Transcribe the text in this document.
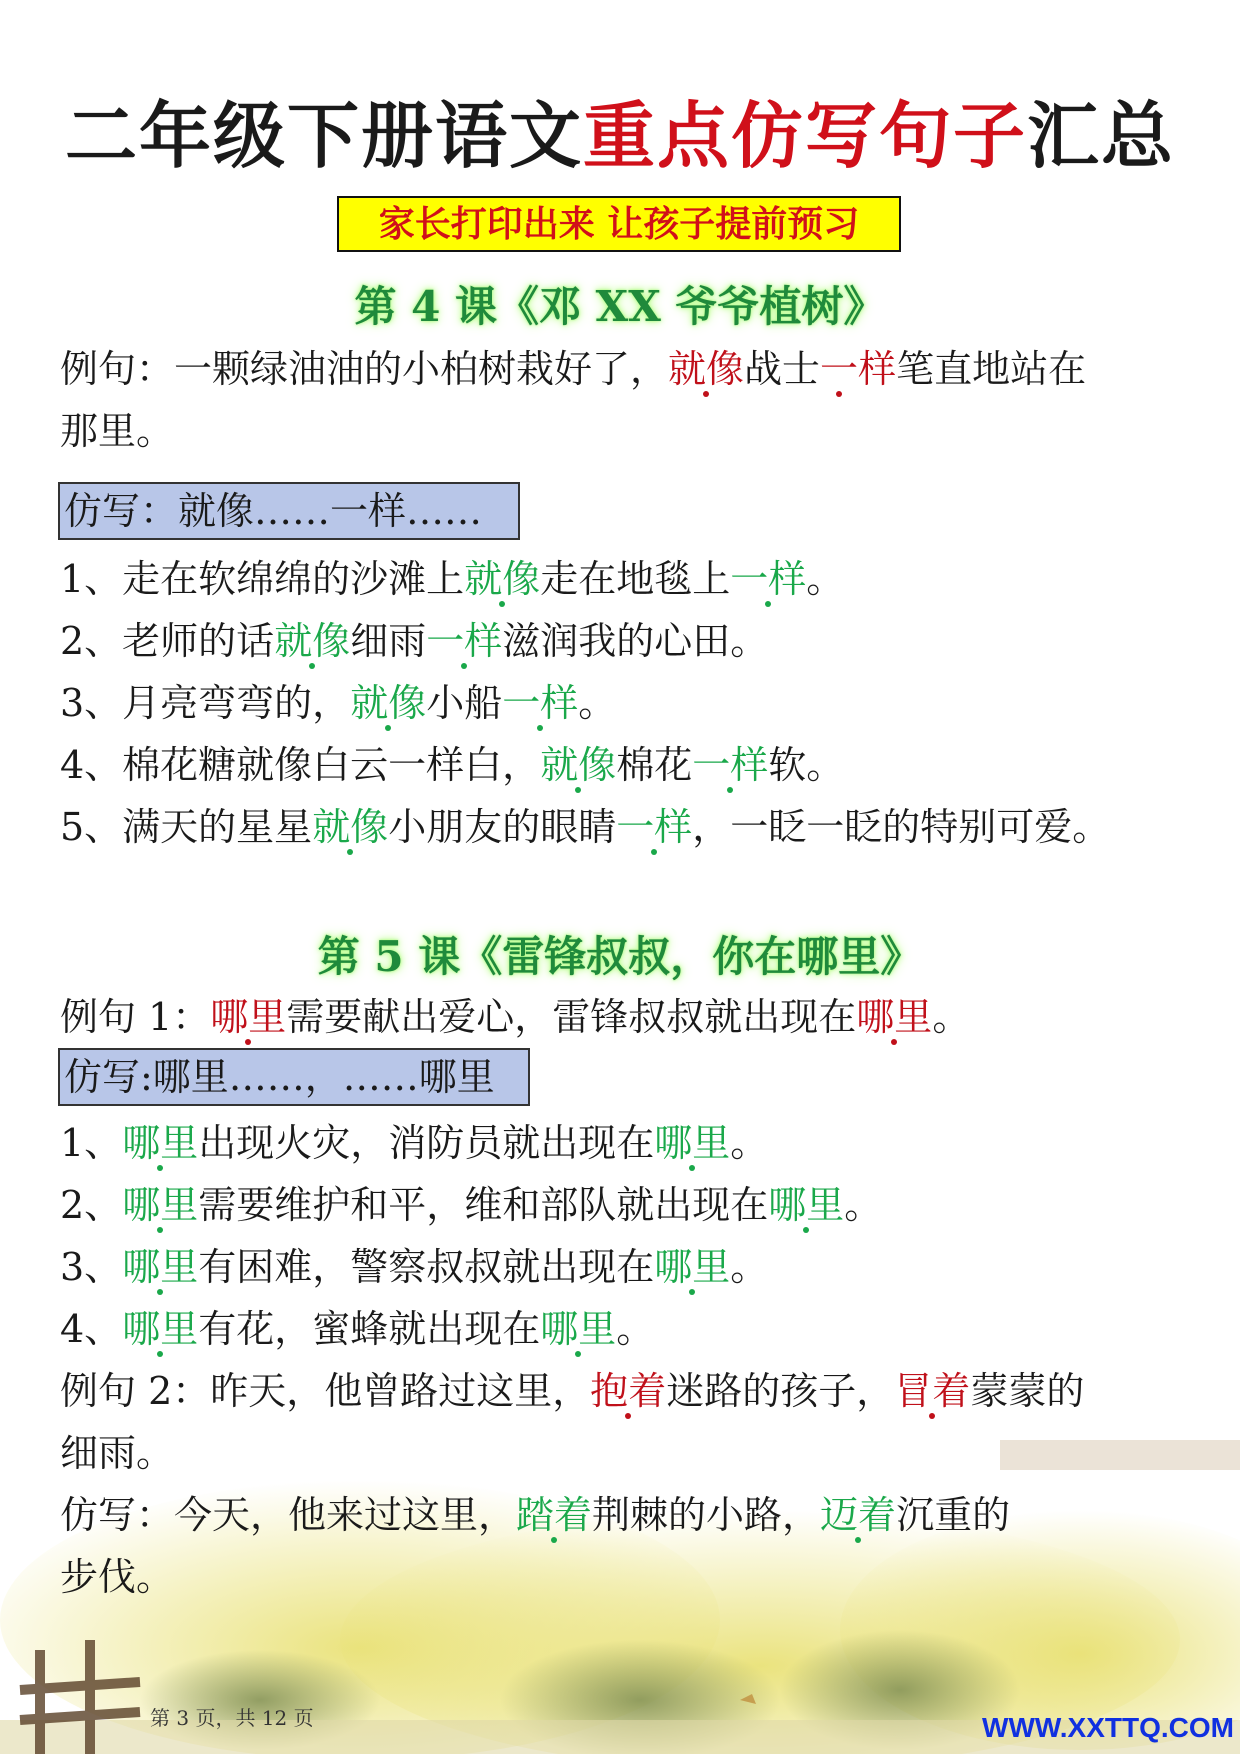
二年级下册语文重点仿写句子汇总
家长打印出来 让孩子提前预习
第 4 课《邓 XX 爷爷植树》
例句：一颗绿油油的小柏树栽好了，就像战士一样笔直地站在
那里。
仿写：就像……一样……
1、走在软绵绵的沙滩上就像走在地毯上一样。
2、老师的话就像细雨一样滋润我的心田。
3、月亮弯弯的，就像小船一样。
4、棉花糖就像白云一样白，就像棉花一样软。
5、满天的星星就像小朋友的眼睛一样，一眨一眨的特别可爱。
第 5 课《雷锋叔叔，你在哪里》
例句 1：哪里需要献出爱心，雷锋叔叔就出现在哪里。
仿写:哪里……，……哪里
1、哪里出现火灾，消防员就出现在哪里。
2、哪里需要维护和平，维和部队就出现在哪里。
3、哪里有困难，警察叔叔就出现在哪里。
4、哪里有花，蜜蜂就出现在哪里。
例句 2：昨天，他曾路过这里，抱着迷路的孩子，冒着蒙蒙的
细雨。
第 3 页，共 12 页	WWW.XXTTQ.COM
仿写：今天，他来过这里，踏着荆棘的小路，迈着沉重的
步伐。
